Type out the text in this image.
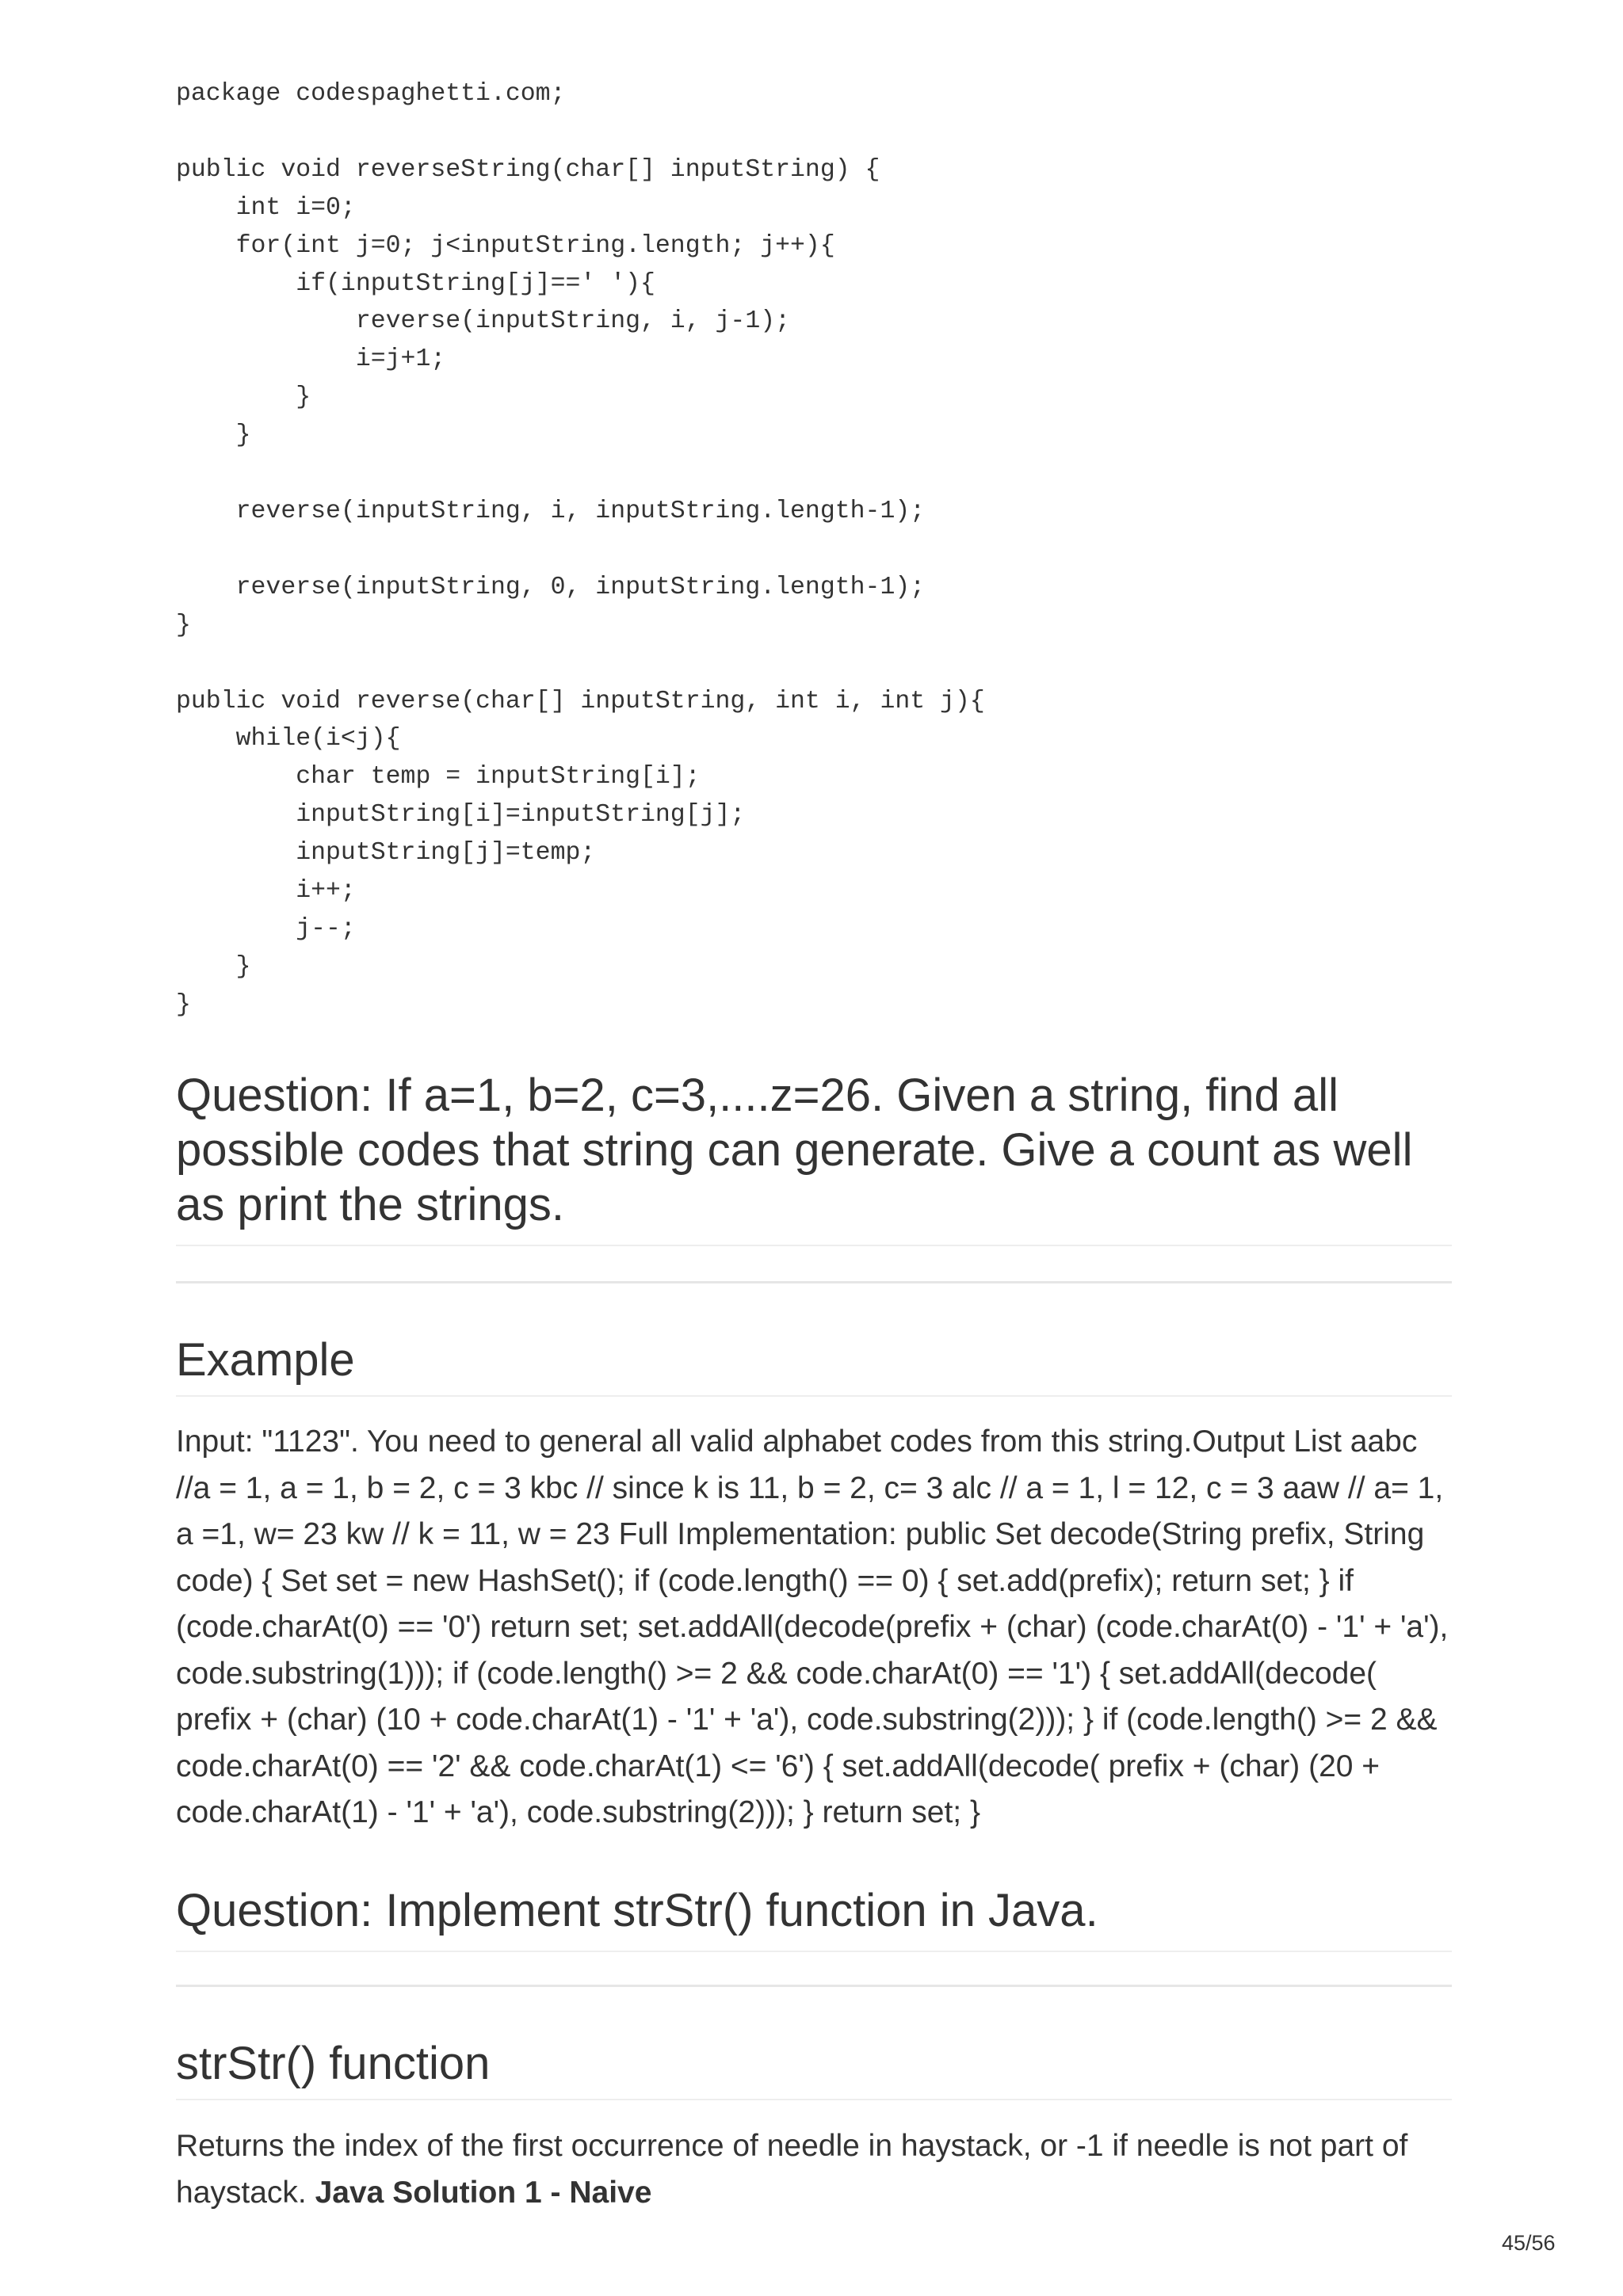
package codespaghetti.com;

public void reverseString(char[] inputString) {
int i=0;
for(int j=0; j<inputString.length; j++){
if(inputString[j]==' '){
reverse(inputString, i, j-1);
i=j+1;
}
}

reverse(inputString, i, inputString.length-1);

reverse(inputString, 0, inputString.length-1);
}

public void reverse(char[] inputString, int i, int j){
while(i<j){
char temp = inputString[i];
inputString[i]=inputString[j];
inputString[j]=temp;
i++;
j--;
}
}
Question: If a=1, b=2, c=3,....z=26. Given a string, find all possible codes that string can generate. Give a count as well as print the strings.
Example

Input: "1123". You need to general all valid alphabet codes from this string.Output List aabc //a = 1, a = 1, b = 2, c = 3 kbc // since k is 11, b = 2, c= 3 alc // a = 1, l = 12, c = 3 aaw // a= 1, a =1, w= 23 kw // k = 11, w = 23 Full Implementation: public Set decode(String prefix, String code) { Set set = new HashSet(); if (code.length() == 0) { set.add(prefix); return set; } if (code.charAt(0) == '0') return set; set.addAll(decode(prefix + (char) (code.charAt(0) - '1' + 'a'), code.substring(1))); if (code.length() >= 2 && code.charAt(0) == '1') { set.addAll(decode( prefix + (char) (10 + code.charAt(1) - '1' + 'a'), code.substring(2))); } if (code.length() >= 2 && code.charAt(0) == '2' && code.charAt(1) <= '6') { set.addAll(decode( prefix + (char) (20 + code.charAt(1) - '1' + 'a'), code.substring(2))); } return set; }

Question: Implement strStr() function in Java.
strStr() function

Returns the index of the first occurrence of needle in haystack, or -1 if needle is not part of haystack. Java Solution 1 - Naive

45/56
